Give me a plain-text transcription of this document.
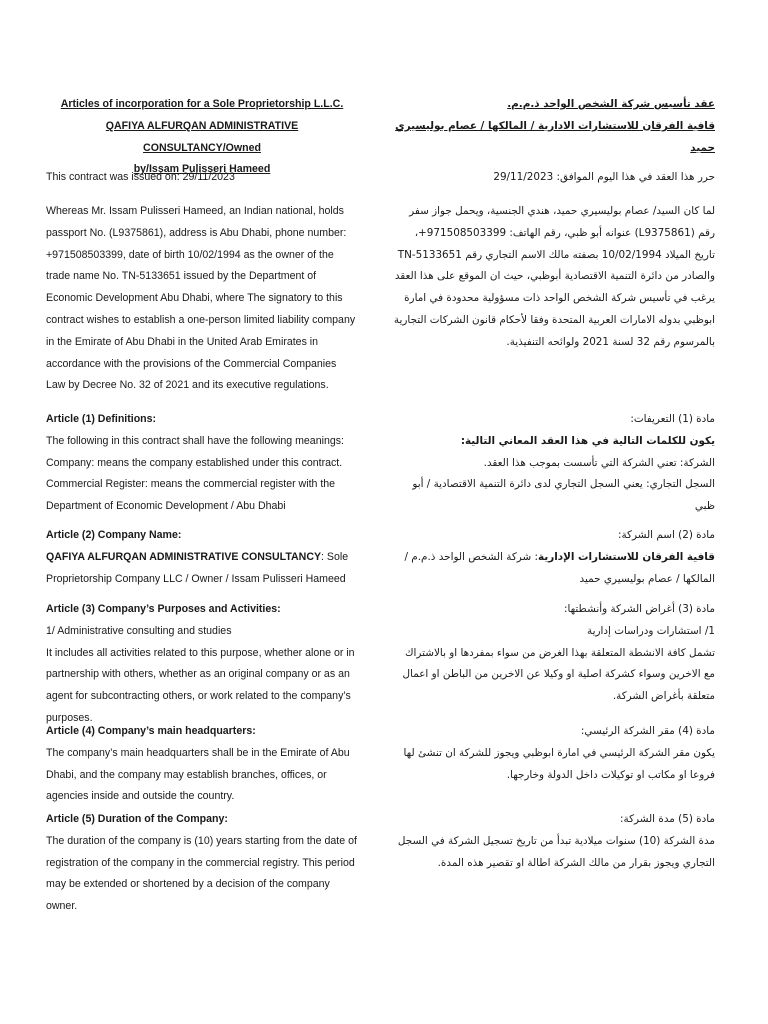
Articles of incorporation for a Sole Proprietorship L.L.C.

QAFIYA ALFURQAN ADMINISTRATIVE CONSULTANCY/Owned

by/Issam Pulisseri Hameed

This contract was issued on: 29/11/2023

Whereas Mr. Issam Pulisseri Hameed, an Indian national, holds passport No. (L9375861), address is Abu Dhabi, phone number: +971508503399, date of birth 10/02/1994 as the owner of the trade name No. TN-5133651 issued by the Department of Economic Development Abu Dhabi, where The signatory to this contract wishes to establish a one-person limited liability company in the Emirate of Abu Dhabi in the United Arab Emirates in accordance with the provisions of the Commercial Companies Law by Decree No. 32 of 2021 and its executive regulations.

Article (1) Definitions:

The following in this contract shall have the following meanings:

Company: means the company established under this contract.

Commercial Register: means the commercial register with the Department of Economic Development / Abu Dhabi

Article (2) Company Name:

QAFIYA ALFURQAN ADMINISTRATIVE CONSULTANCY: Sole Proprietorship Company LLC / Owner / Issam Pulisseri Hameed

Article (3) Company’s Purposes and Activities:

1/ Administrative consulting and studies

It includes all activities related to this purpose, whether alone or in partnership with others, whether as an original company or as an agent for subcontracting others, or work related to the company’s purposes.

Article (4) Company’s main headquarters:

The company’s main headquarters shall be in the Emirate of Abu Dhabi, and the company may establish branches, offices, or agencies inside and outside the country.

Article (5) Duration of the Company:

The duration of the company is (10) years starting from the date of registration of the company in the commercial registry. This period may be extended or shortened by a decision of the company owner.

عقد تأسيس شركة الشخص الواحد ذ.م.م.

قافية الفرقان للاستشارات الادارية / المالكها / عصام بوليسيري حميد

حرر هذا العقد في هذا اليوم الموافق: 29/11/2023

لما كان السيد/ عصام بوليسيري حميد، هندي الجنسية، ويحمل جواز سفر رقم (L9375861) عنوانه أبو ظبي، رقم الهاتف: 971508503399+، تاريخ الميلاد 10/02/1994 بصفته مالك الاسم التجاري رقم TN-5133651 والصادر من دائرة التنمية الاقتصادية أبوظبي، حيث ان الموقع على هذا العقد يرغب في تأسيس شركة الشخص الواحد ذات مسؤولية محدودة في امارة ابوظبي بدوله الامارات العربية المتحدة وفقا لأحكام قانون الشركات التجارية بالمرسوم رقم 32 لسنة 2021 ولوائحه التنفيذية.

مادة (1) التعريفات:

يكون للكلمات التالية في هذا العقد المعاني التالية:

الشركة: تعني الشركة التي تأسست بموجب هذا العقد.

السجل التجاري: يعني السجل التجاري لدى دائرة التنمية الاقتصادية / أبو ظبي

مادة (2) اسم الشركة:

قافية الفرقان للاستشارات الإدارية: شركة الشخص الواحد ذ.م.م / المالكها / عصام بوليسيري حميد

مادة (3) أغراض الشركة وأنشطتها:

1/ استشارات ودراسات إدارية

تشمل كافة الانشطة المتعلقة بهذا الغرض من سواء بمفردها او بالاشتراك مع الاخرين وسواء كشركة اصلية او وكيلا عن الاخرين من الباطن او اعمال متعلقة بأغراض الشركة.

مادة (4) مقر الشركة الرئيسي:

يكون مقر الشركة الرئيسي في امارة ابوظبي ويجوز للشركة ان تنشئ لها فروعا او مكاتب او توكيلات داخل الدولة وخارجها.

مادة (5) مدة الشركة:

مدة الشركة (10) سنوات ميلادية تبدأ من تاريخ تسجيل الشركة في السجل التجاري ويجوز بقرار من مالك الشركة اطالة او تقصير هذه المدة.
